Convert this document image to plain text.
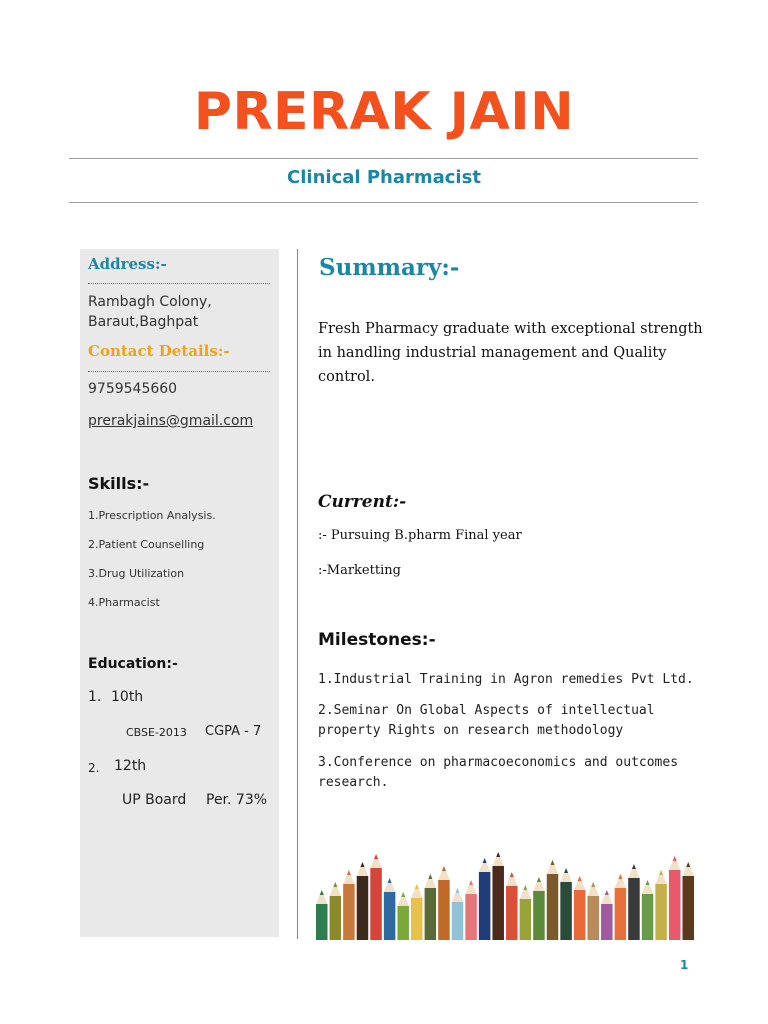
PRERAK JAIN
Clinical Pharmacist
Address:-
Rambagh Colony,
Baraut,Baghpat
Contact Details:-
9759545660
prerakjains@gmail.com
Skills:-
1.Prescription Analysis.
2.Patient Counselling
3.Drug Utilization
4.Pharmacist
Education:-
1. 10th
CBSE-2013 CGPA - 7
2. 12th
UP Board Per. 73%
Summary:-
Fresh Pharmacy graduate with exceptional strength in handling industrial management and Quality control.
Current:-
:- Pursuing B.pharm Final year
:-Marketting
Milestones:-
1.Industrial Training in Agron remedies Pvt Ltd.
2.Seminar On Global Aspects of intellectual property Rights on research methodology
3.Conference on pharmacoeconomics and outcomes research.
1
